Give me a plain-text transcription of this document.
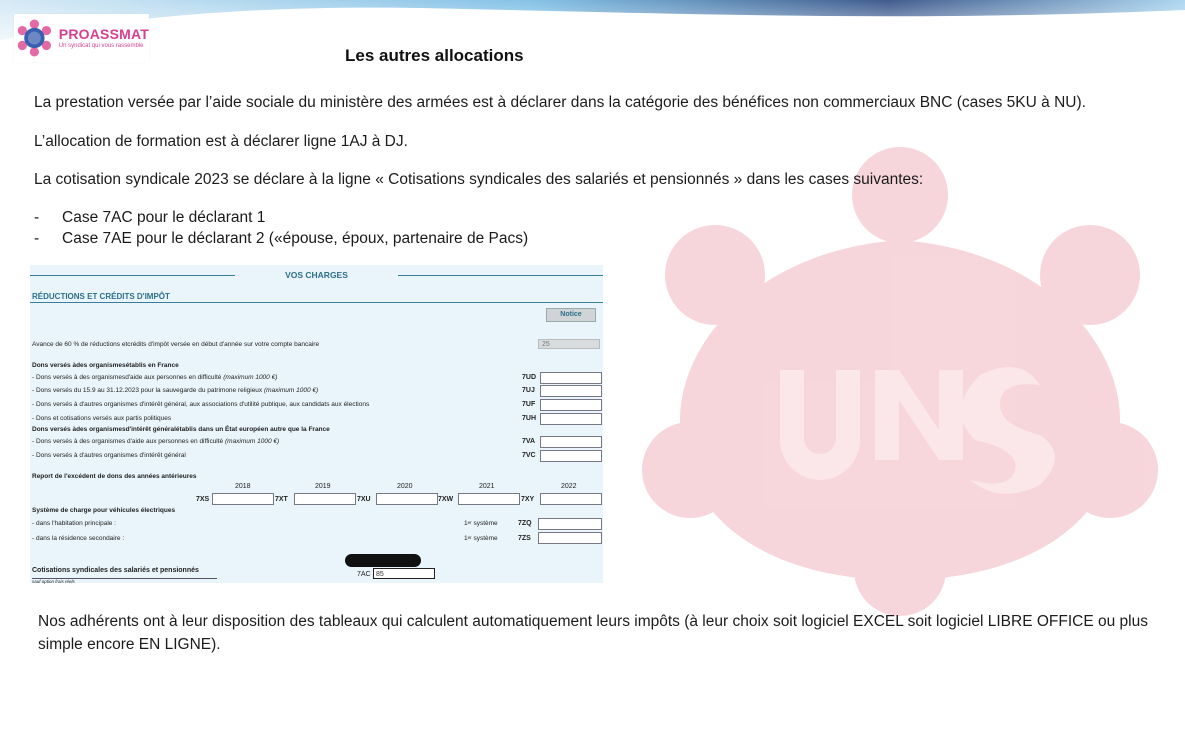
PROASSMAT
Un syndicat qui vous rassemble	Les autres allocations
La prestation versée par l’aide sociale du ministère des armées est à déclarer dans la catégorie des bénéfices non commerciaux BNC (cases 5KU à NU).
L’allocation de formation est à déclarer ligne 1AJ à DJ.
La cotisation syndicale 2023 se déclare à la ligne « Cotisations syndicales des salariés et pensionnés » dans les cases suivantes:
-	Case 7AC pour le déclarant 1
-	Case 7AE pour le déclarant 2 («épouse, époux, partenaire de Pacs)
VOS CHARGES
RÉDUCTIONS ET CRÉDITS D'IMPÔT
Notice
Avance de 60 % de réductions etcrédits d'impôt versée en début d'année sur votre compte bancaire	25
Dons versés àdes organismesétablis en France
- Dons versés à des organismesd'aide aux personnes en difficulté (maximum 1000 €)	7UD
- Dons versés du 15.9 au 31.12.2023 pour la sauvegarde du patrimone religieux (maximum 1000 €)	7UJ
- Dons versés à d'autres organismes d'intérêt général, aux associations d'utilité publique, aux candidats aux élections	7UF
- Dons et cotisations versés aux partis politiques	7UH
Dons versés àdes organismesd'intérêt généralétablis dans un État européen autre que la France
- Dons versés à des organismes d'aide aux personnes en difficulté (maximum 1000 €)	7VA
- Dons versés à d'autres organismes d'intérêt général	7VC
Report de l'excédent de dons des années antérieures
2018	2019	2020	2021	2022
7XS	7XT	7XU	7XW	7XY
Système de charge pour véhicules électriques
- dans l'habitation principale :	1er système	7ZQ
- dans la résidence secondaire :	1er système	7ZS
Cotisations syndicales des salariés et pensionnés
sauf option frais réels
7AC 85
Nos adhérents ont à leur disposition des tableaux qui calculent automatiquement leurs impôts (à leur choix soit logiciel EXCEL soit logiciel LIBRE OFFICE ou plus simple encore EN LIGNE).
